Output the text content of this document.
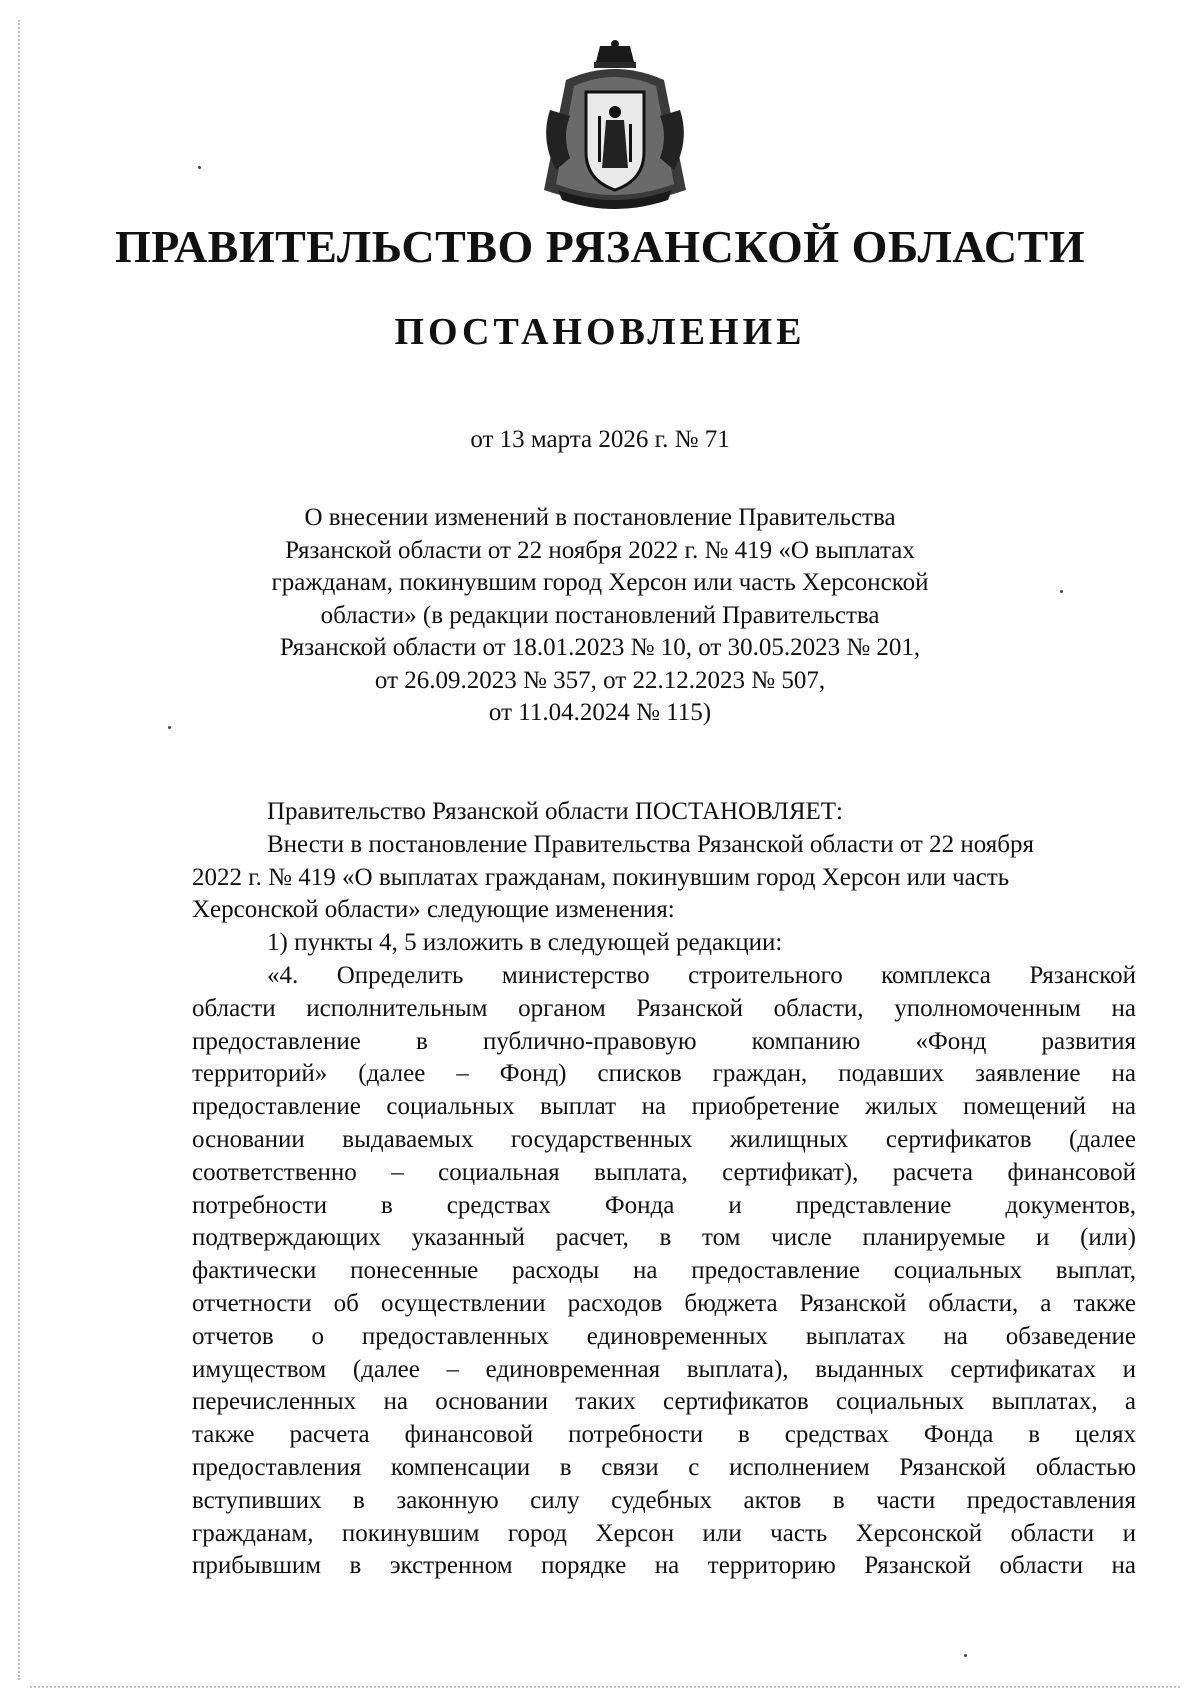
ПРАВИТЕЛЬСТВО РЯЗАНСКОЙ ОБЛАСТИ
ПОСТАНОВЛЕНИЕ
от 13 марта 2026 г. № 71
О внесении изменений в постановление Правительства
Рязанской области от 22 ноября 2022 г. № 419 «О выплатах
гражданам, покинувшим город Херсон или часть Херсонской
области» (в редакции постановлений Правительства
Рязанской области от 18.01.2023 № 10, от 30.05.2023 № 201,
от 26.09.2023 № 357, от 22.12.2023 № 507,
от 11.04.2024 № 115)
Правительство Рязанской области ПОСТАНОВЛЯЕТ:
Внести в постановление Правительства Рязанской области от 22 ноября
2022 г. № 419 «О выплатах гражданам, покинувшим город Херсон или часть
Херсонской области» следующие изменения:
1) пункты 4, 5 изложить в следующей редакции:
«4. Определить министерство строительного комплекса Рязанской
области исполнительным органом Рязанской области, уполномоченным на
предоставление в публично-правовую компанию «Фонд развития
территорий» (далее – Фонд) списков граждан, подавших заявление на
предоставление социальных выплат на приобретение жилых помещений на
основании выдаваемых государственных жилищных сертификатов (далее
соответственно – социальная выплата, сертификат), расчета финансовой
потребности в средствах Фонда и представление документов,
подтверждающих указанный расчет, в том числе планируемые и (или)
фактически понесенные расходы на предоставление социальных выплат,
отчетности об осуществлении расходов бюджета Рязанской области, а также
отчетов о предоставленных единовременных выплатах на обзаведение
имуществом (далее – единовременная выплата), выданных сертификатах и
перечисленных на основании таких сертификатов социальных выплатах, а
также расчета финансовой потребности в средствах Фонда в целях
предоставления компенсации в связи с исполнением Рязанской областью
вступивших в законную силу судебных актов в части предоставления
гражданам, покинувшим город Херсон или часть Херсонской области и
прибывшим в экстренном порядке на территорию Рязанской области на
